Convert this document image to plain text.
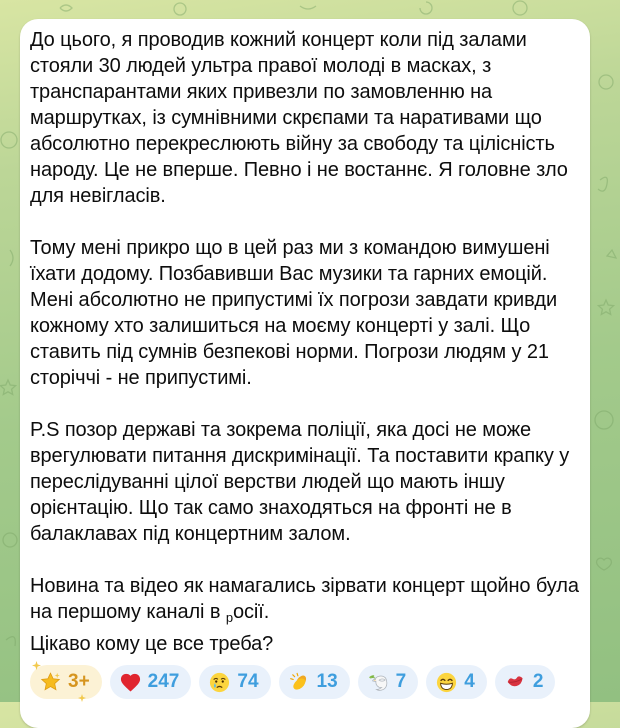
До цього, я проводив кожний концерт коли під залами стояли 30 людей ультра правої молоді в масках, з транспарантами яких привезли по замовленню на маршрутках, із сумнівними скрєпами та наративами що абсолютно перекреслюють війну за свободу та цілісність народу. Це не вперше. Певно і не востаннє. Я головне зло для невігласів.

Тому мені прикро що в цей раз ми з командою вимушені їхати додому. Позбавивши Вас музики та гарних емоцій. Мені абсолютно не припустимі їх погрози завдати кривди кожному хто залишиться на моєму концерті у залі. Що ставить під сумнів безпекові норми. Погрози людям у 21 сторіччі - не припустимі.

P.S позор державі та зокрема поліції, яка досі не може врегулювати питання дискримінації. Та поставити крапку у переслідуванні цілої верстви людей що мають іншу орієнтацію. Що так само знаходяться на фронті не в балаклавах під концертним залом.

Новина та відео як намагались зірвати концерт щойно була на першому каналі в $_р$осії.
Цікаво кому це все треба?

3+	247	74	13	7	4	2
